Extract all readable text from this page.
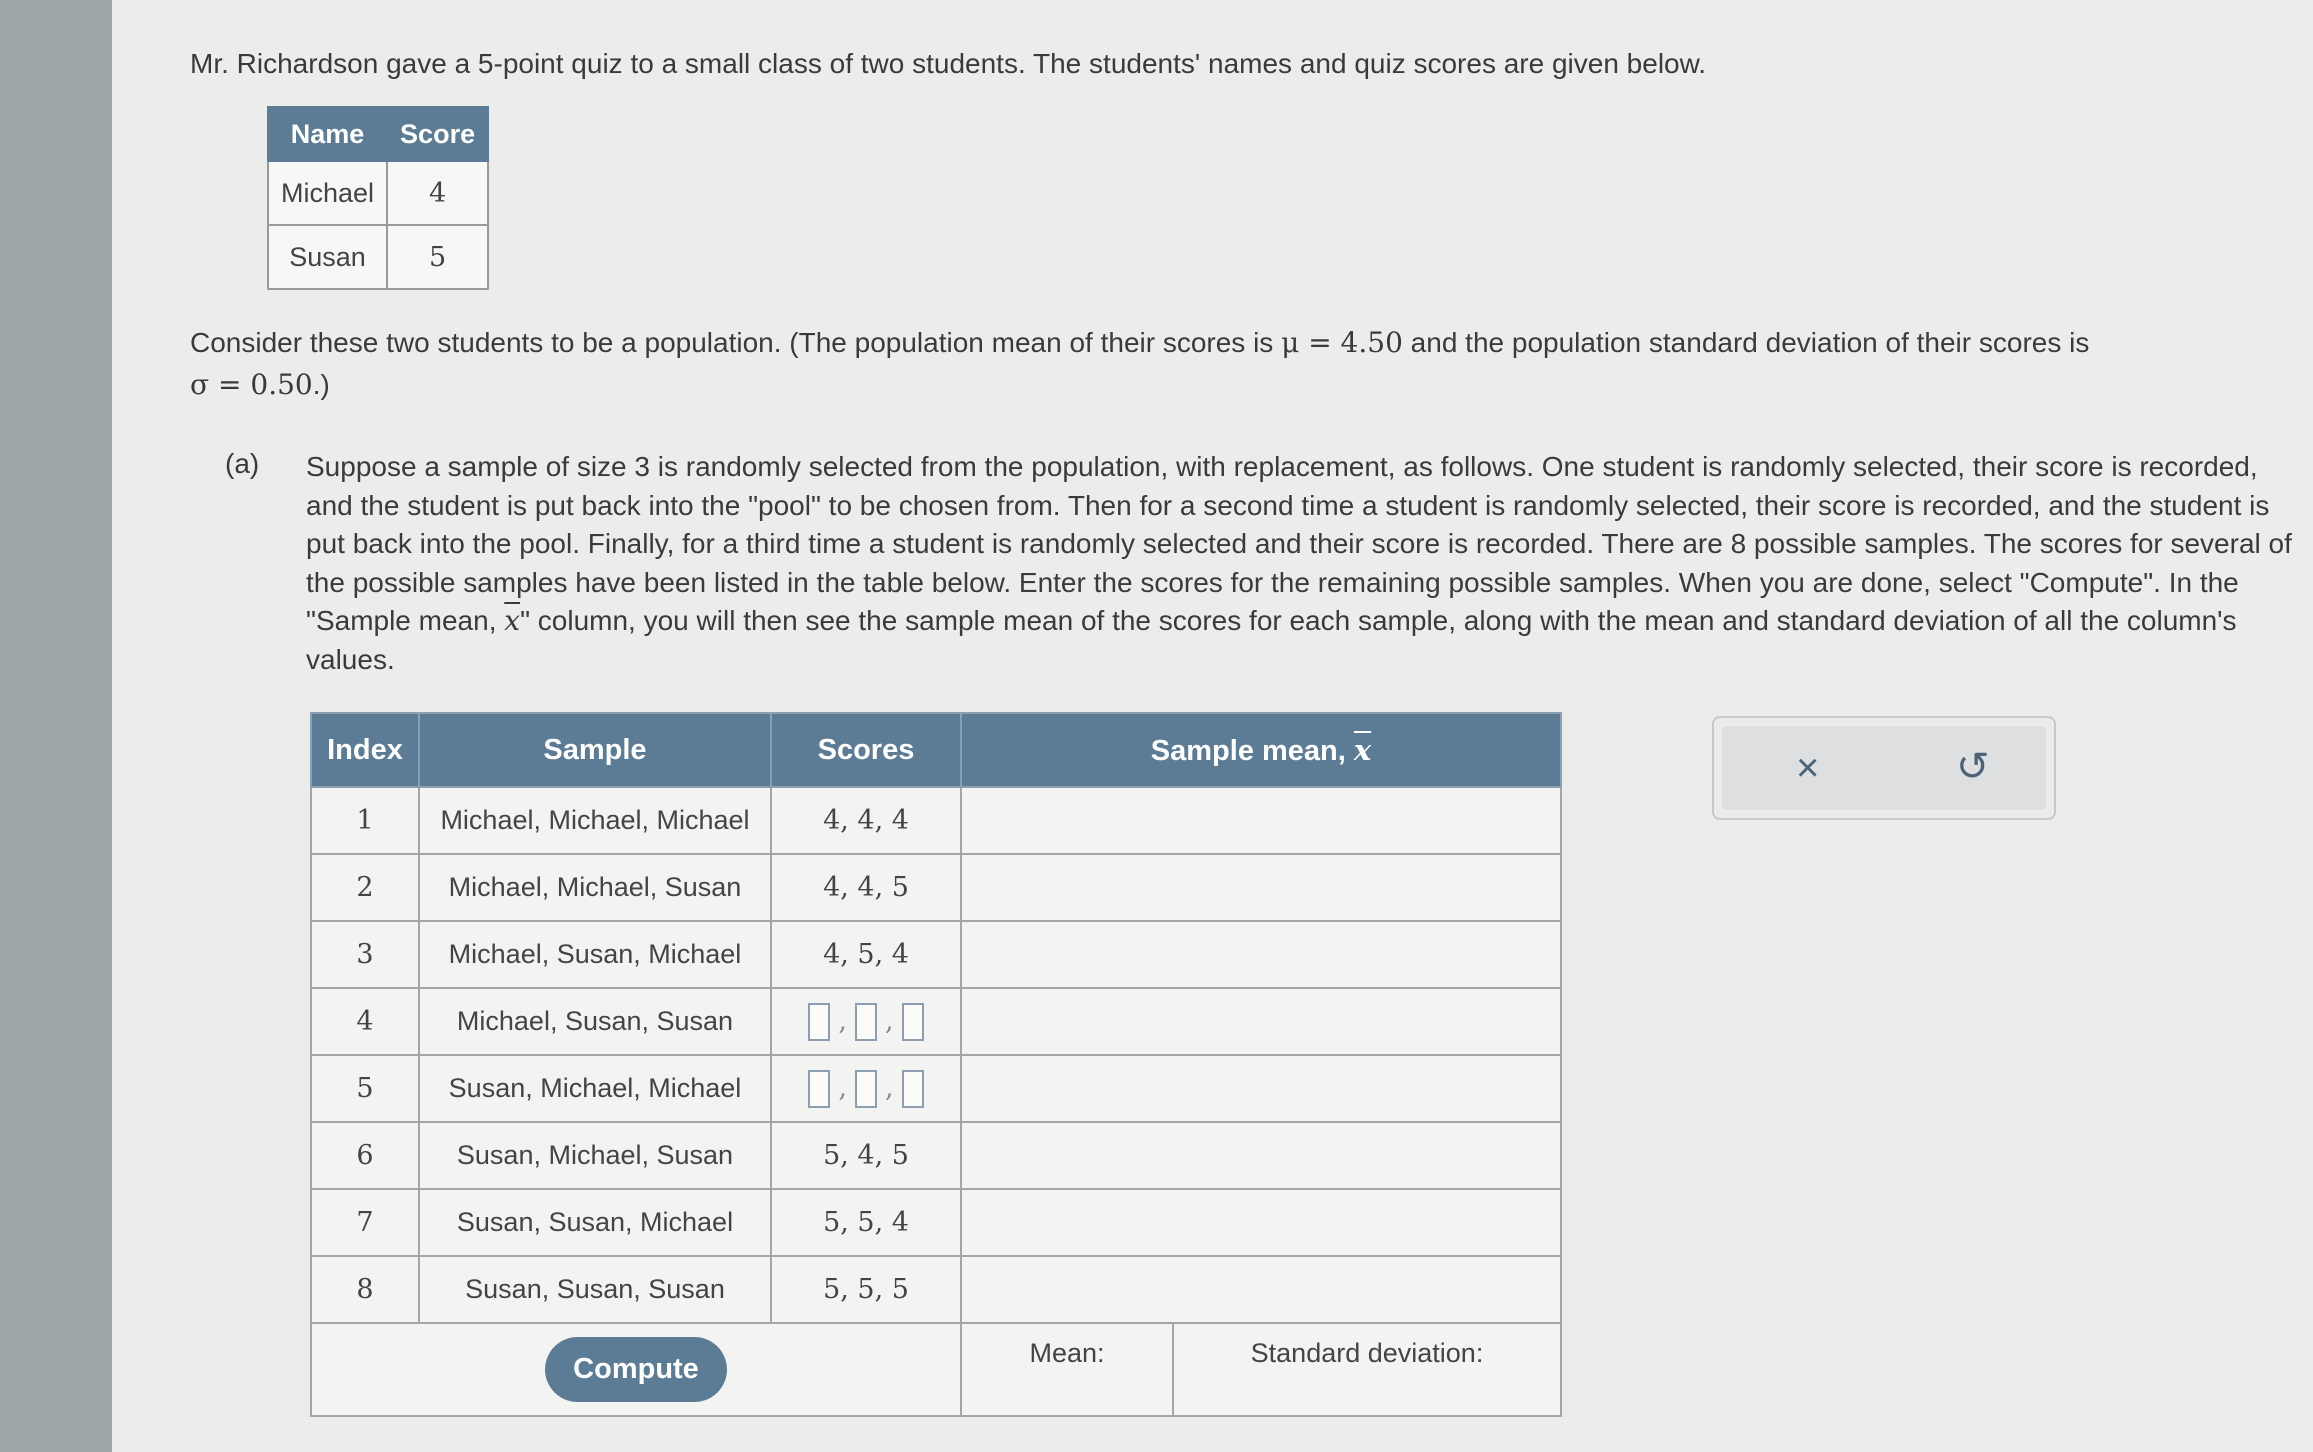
Mr. Richardson gave a 5-point quiz to a small class of two students. The students' names and quiz scores are given below.
Name	Score
Michael	4
Susan	5
Consider these two students to be a population. (The population mean of their scores is μ = 4.50 and the population standard deviation of their scores is
σ = 0.50.)
(a) Suppose a sample of size 3 is randomly selected from the population, with replacement, as follows. One student is randomly selected, their score is recorded, and the student is put back into the "pool" to be chosen from. Then for a second time a student is randomly selected, their score is recorded, and the student is put back into the pool. Finally, for a third time a student is randomly selected and their score is recorded. There are 8 possible samples. The scores for several of the possible samples have been listed in the table below. Enter the scores for the remaining possible samples. When you are done, select "Compute". In the "Sample mean, $\overline{x}$" column, you will then see the sample mean of the scores for each sample, along with the mean and standard deviation of all the column's values.
Index	Sample	Scores	Sample mean, $\overline{x}$
1	Michael, Michael, Michael	4, 4, 4	
2	Michael, Michael, Susan	4, 4, 5	
3	Michael, Susan, Michael	4, 5, 4	
4	Michael, Susan, Susan	, ,	
5	Susan, Michael, Michael	, ,	
6	Susan, Michael, Susan	5, 4, 5	
7	Susan, Susan, Michael	5, 5, 4	
8	Susan, Susan, Susan	5, 5, 5	
Compute		Mean:	Standard deviation:
×	↺
